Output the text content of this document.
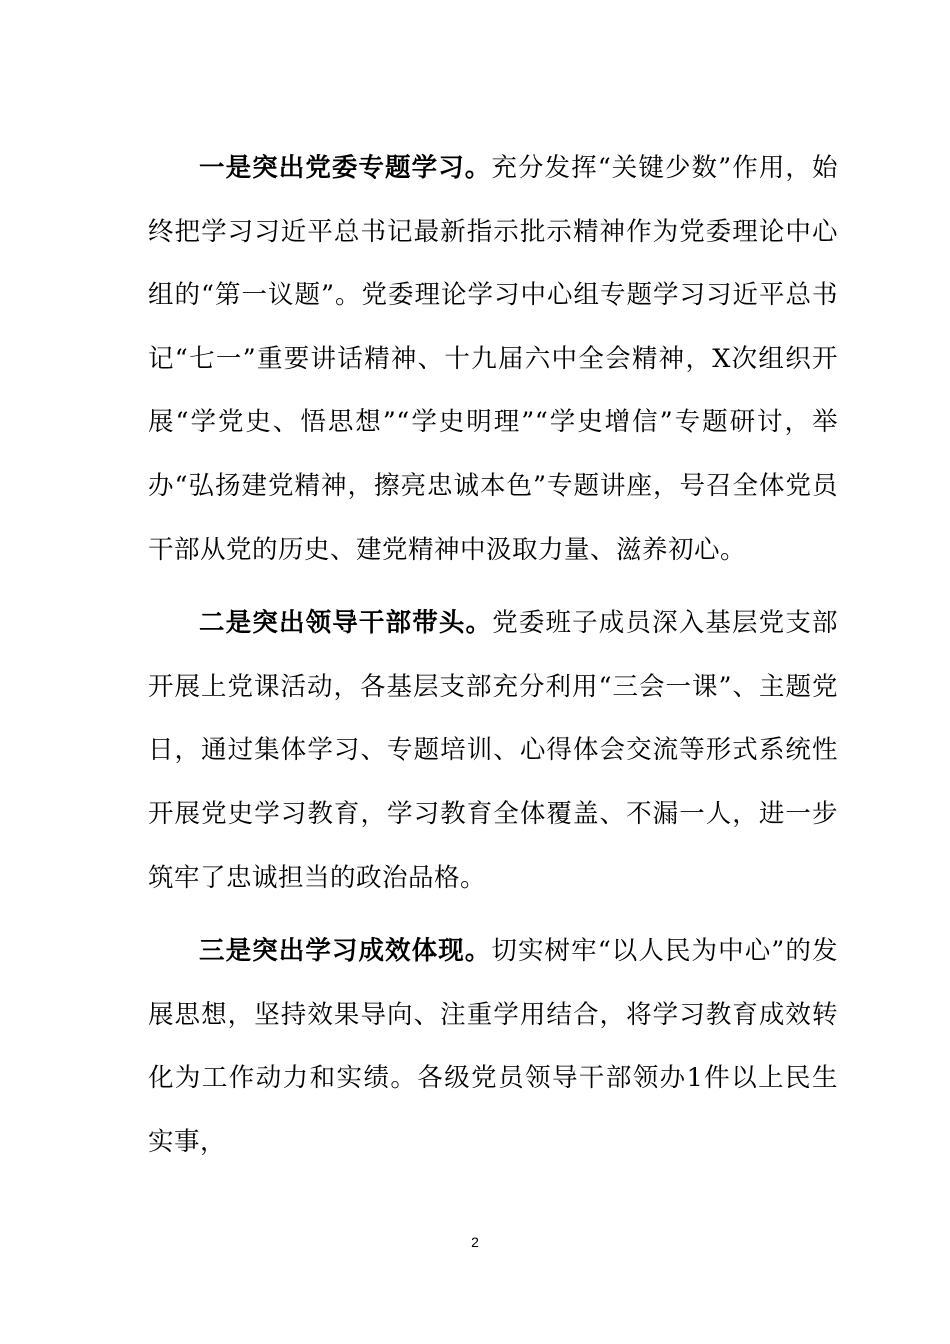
一是突出党委专题学习。充分发挥“关键少数”作用，始终把学习习近平总书记最新指示批示精神作为党委理论中心组的“第一议题”。党委理论学习中心组专题学习习近平总书记“七一”重要讲话精神、十九届六中全会精神，X次组织开展“学党史、悟思想”“学史明理”“学史增信”专题研讨，举办“弘扬建党精神，擦亮忠诚本色”专题讲座，号召全体党员干部从党的历史、建党精神中汲取力量、滋养初心。

二是突出领导干部带头。党委班子成员深入基层党支部开展上党课活动，各基层支部充分利用“三会一课”、主题党日，通过集体学习、专题培训、心得体会交流等形式系统性开展党史学习教育，学习教育全体覆盖、不漏一人，进一步筑牢了忠诚担当的政治品格。

三是突出学习成效体现。切实树牢“以人民为中心”的发展思想，坚持效果导向、注重学用结合，将学习教育成效转化为工作动力和实绩。各级党员领导干部领办1件以上民生实事，

2
